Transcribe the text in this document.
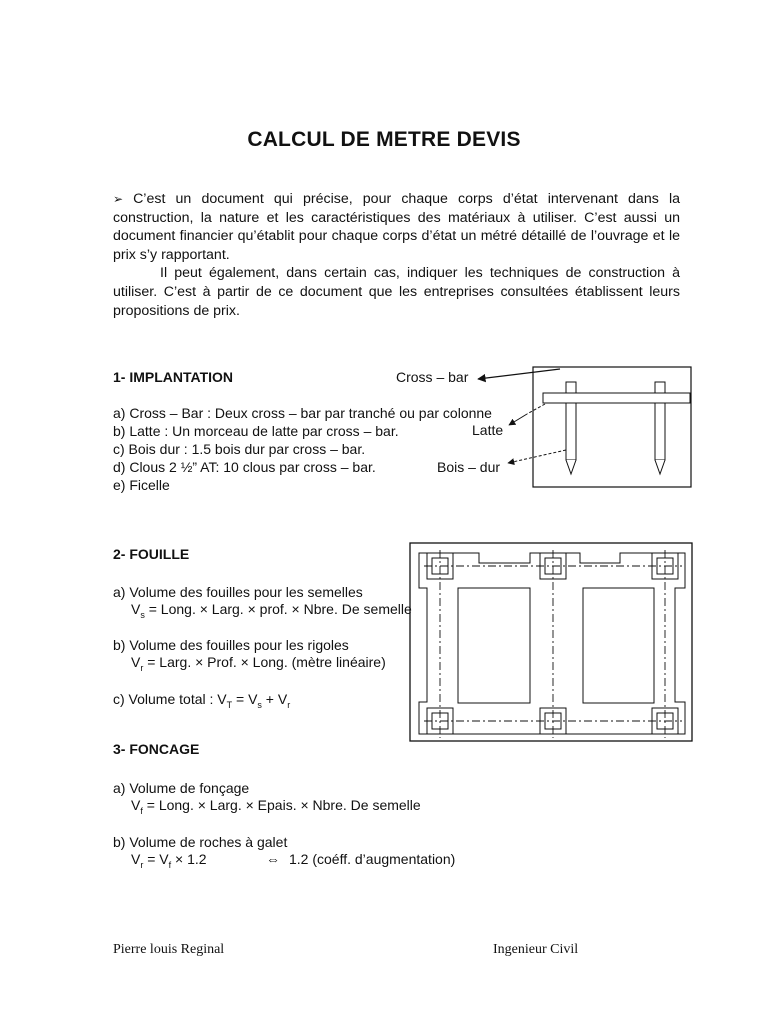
CALCUL DE METRE DEVIS

➢ C’est un document qui précise, pour chaque corps d’état intervenant dans la construction, la nature et les caractéristiques des matériaux à utiliser. C’est aussi un document financier qu’établit pour chaque corps d’état un métré détaillé de l’ouvrage et le prix s’y rapportant.

Il peut également, dans certain cas, indiquer les techniques de construction à utiliser. C’est à partir de ce document que les entreprises consultées établissent leurs propositions de prix.

1- IMPLANTATION
a) Cross – Bar : Deux cross – bar par tranché ou par colonne
b) Latte : Un morceau de latte par cross – bar.
c) Bois dur : 1.5 bois dur par cross – bar.
d) Clous 2 ½” AT: 10 clous par cross – bar.
e) Ficelle
Cross – bar
Latte
Bois – dur
2- FOUILLE
a) Volume des fouilles pour les semelles
$V_s$ = Long. × Larg. × prof. × Nbre. De semelle
b) Volume des fouilles pour les rigoles
$V_r$ = Larg. × Prof. × Long. (mètre linéaire)
c) Volume total : $V_T = V_s + V_r$
3- FONCAGE
a) Volume de fonçage
$V_f$ = Long. × Larg. × Epais. × Nbre. De semelle
b) Volume de roches à galet
$V_r = V_f \times 1.2$	⇔ 1.2 (coéff. d’augmentation)
Pierre louis Reginal	Ingenieur Civil
